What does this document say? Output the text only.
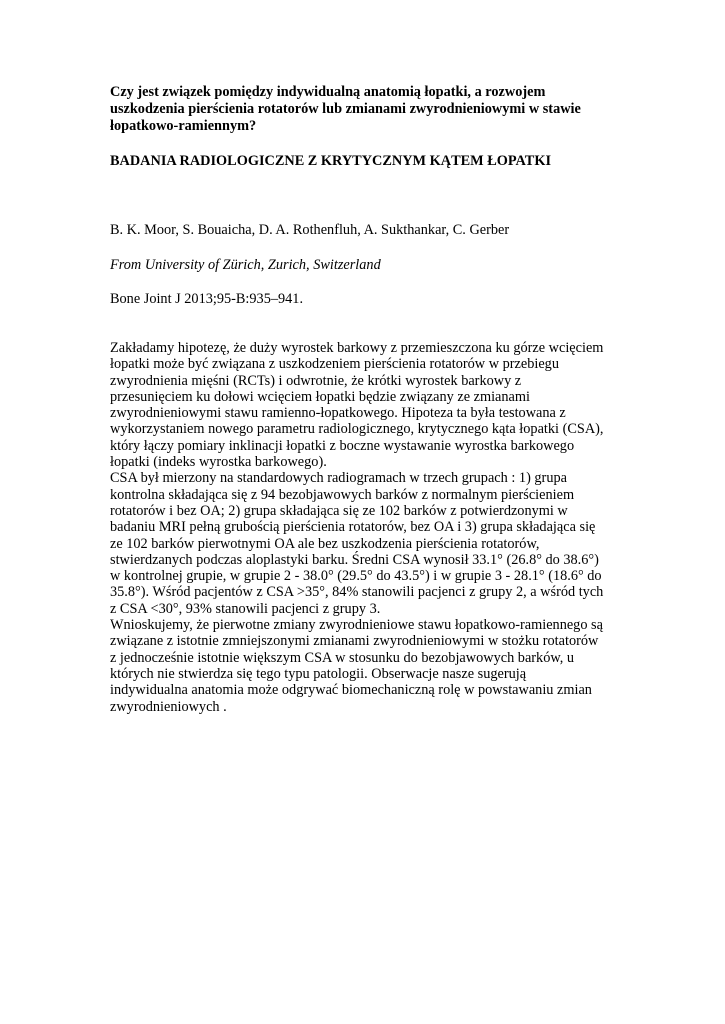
Czy jest związek pomiędzy indywidualną anatomią łopatki, a rozwojem
uszkodzenia pierścienia rotatorów lub zmianami zwyrodnieniowymi w stawie
łopatkowo-ramiennym?
BADANIA RADIOLOGICZNE Z KRYTYCZNYM KĄTEM ŁOPATKI
B. K. Moor, S. Bouaicha, D. A. Rothenfluh, A. Sukthankar, C. Gerber
From University of Zürich, Zurich, Switzerland
Bone Joint J 2013;95-B:935–941.
Zakładamy hipotezę, że duży wyrostek barkowy z przemieszczona ku górze wcięciem
łopatki może być związana z uszkodzeniem pierścienia rotatorów w przebiegu
zwyrodnienia mięśni (RCTs) i odwrotnie, że krótki wyrostek barkowy z
przesunięciem ku dołowi wcięciem łopatki będzie związany ze zmianami
zwyrodnieniowymi stawu ramienno-łopatkowego. Hipoteza ta była testowana z
wykorzystaniem nowego parametru radiologicznego, krytycznego kąta łopatki (CSA),
który łączy pomiary inklinacji łopatki z boczne wystawanie wyrostka barkowego
łopatki (indeks wyrostka barkowego).
CSA był mierzony na standardowych radiogramach w trzech grupach : 1) grupa
kontrolna składająca się z 94 bezobjawowych barków z normalnym pierścieniem
rotatorów i bez OA; 2) grupa składająca się ze 102 barków z potwierdzonymi w
badaniu MRI pełną grubością pierścienia rotatorów, bez OA i 3) grupa składająca się
ze 102 barków pierwotnymi OA ale bez uszkodzenia pierścienia rotatorów,
stwierdzanych podczas aloplastyki barku. Średni CSA wynosił 33.1° (26.8° do 38.6°)
w kontrolnej grupie, w grupie 2 - 38.0° (29.5° do 43.5°) i w grupie 3 - 28.1° (18.6° do
35.8°). Wśród pacjentów z CSA >35°, 84% stanowili pacjenci z grupy 2, a wśród tych
z CSA <30°, 93% stanowili pacjenci z grupy 3.
Wnioskujemy, że pierwotne zmiany zwyrodnieniowe stawu łopatkowo-ramiennego są
związane z istotnie zmniejszonymi zmianami zwyrodnieniowymi w stożku rotatorów
z jednocześnie istotnie większym CSA w stosunku do bezobjawowych barków, u
których nie stwierdza się tego typu patologii. Obserwacje nasze sugerują
indywidualna anatomia może odgrywać biomechaniczną rolę w powstawaniu zmian
zwyrodnieniowych .
